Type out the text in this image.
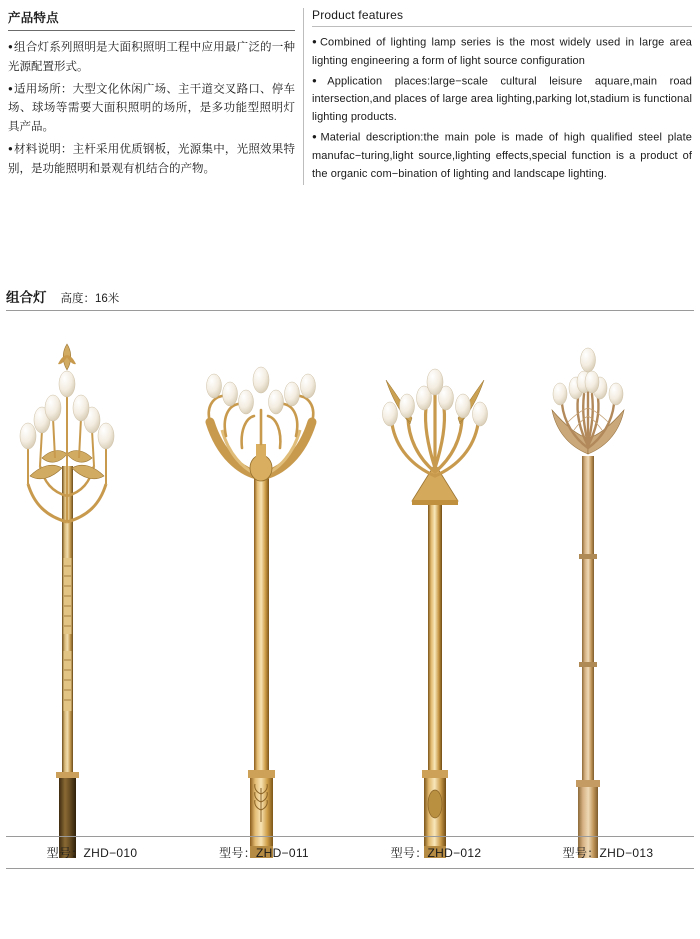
产品特点
● 组合灯系列照明是大面积照明工程中应用最广泛的一种光源配置形式。
● 适用场所：大型文化休闲广场、主干道交叉路口、停车场、球场等需要大面积照明的场所，是多功能型照明灯具产品。
● 材料说明：主杆采用优质钢板，光源集中，光照效果特别，是功能照明和景观有机结合的产物。
Product features
● Combined of lighting lamp series is the most widely used in large area lighting engineering a form of light source configuration
● Application places:large−scale cultural leisure aquare,main road intersection,and places of large area lighting,parking lot,stadium is functional lighting products.
● Material description:the main pole is made of high qualified steel plate manufac−turing,light source,lighting effects,special function is a product of the organic com−bination of lighting and landscape lighting.
组合灯 高度：16米
型号：ZHD−010	型号：ZHD−011	型号：ZHD−012	型号：ZHD−013
